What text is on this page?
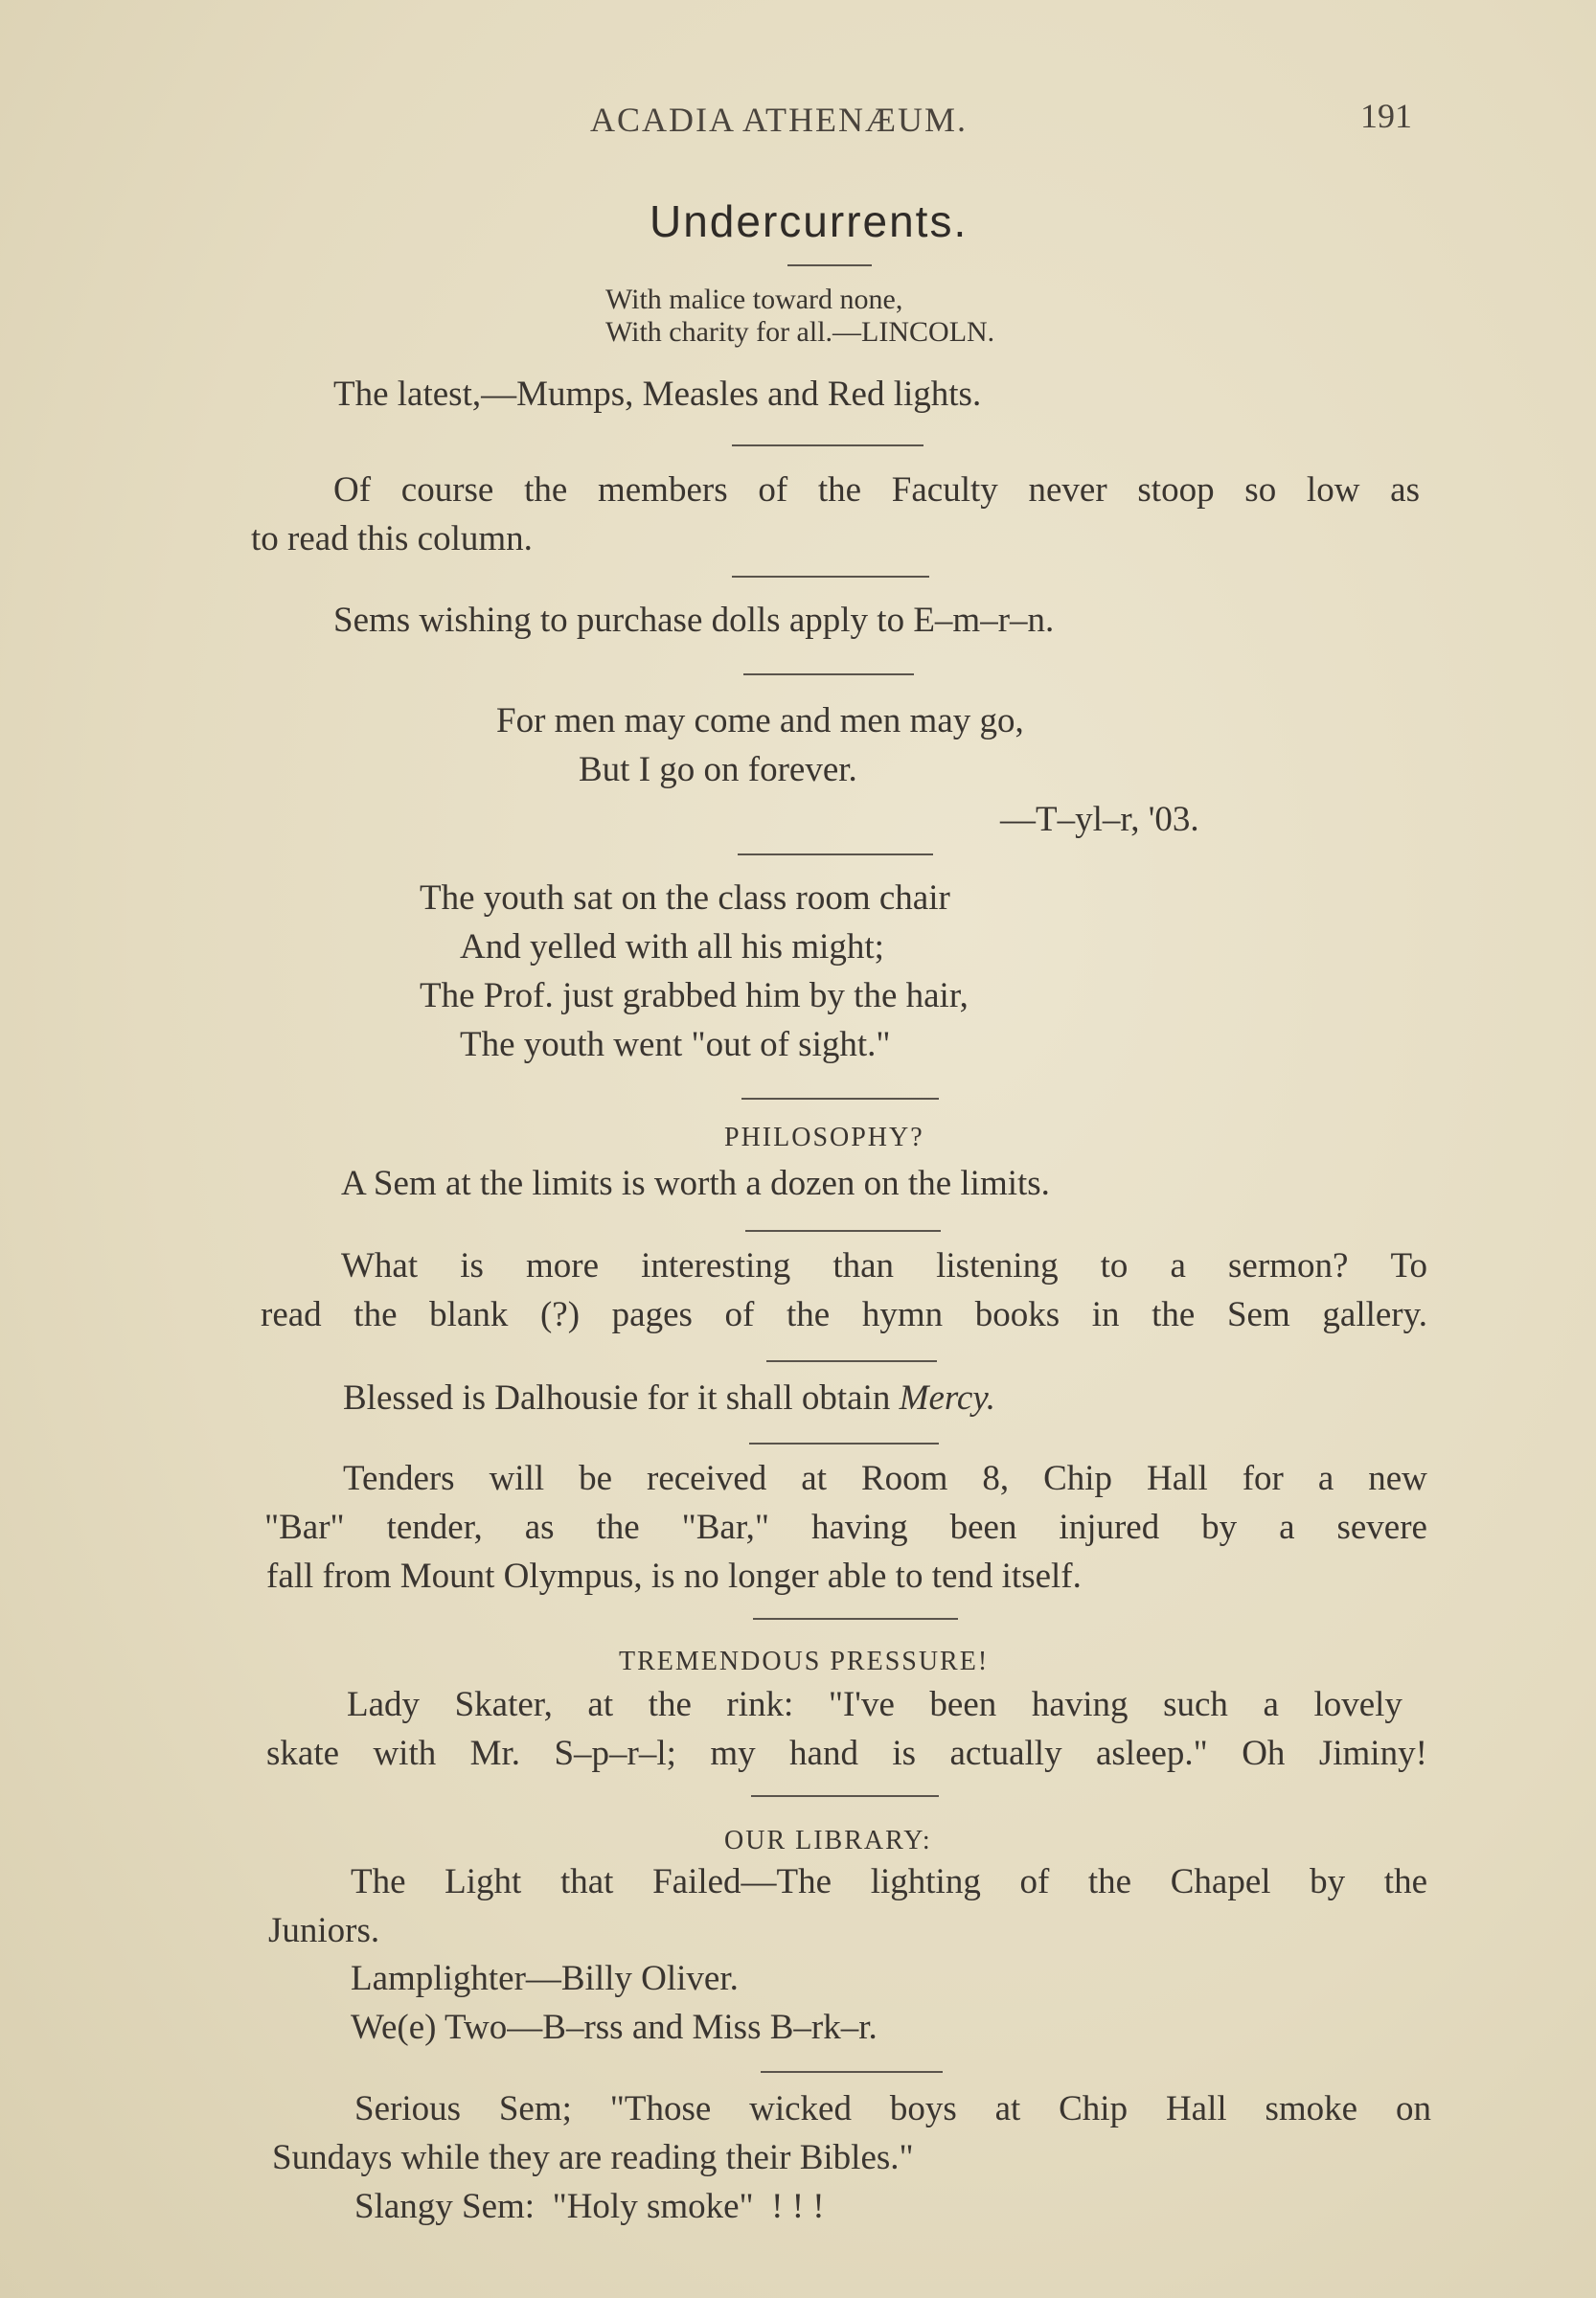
ACADIA ATHENÆUM.	191
Undercurrents.
With malice toward none,
With charity for all.—LINCOLN.
The latest,—Mumps, Measles and Red lights.
Of course the members of the Faculty never stoop so low as
to read this column.
Sems wishing to purchase dolls apply to E–m–r–n.
For men may come and men may go,
But I go on forever.
—T–yl–r, '03.
The youth sat on the class room chair
And yelled with all his might;
The Prof. just grabbed him by the hair,
The youth went "out of sight."
PHILOSOPHY?
A Sem at the limits is worth a dozen on the limits.
What is more interesting than listening to a sermon? To
read the blank (?) pages of the hymn books in the Sem gallery.
Blessed is Dalhousie for it shall obtain Mercy.
Tenders will be received at Room 8, Chip Hall for a new
"Bar" tender, as the "Bar," having been injured by a severe
fall from Mount Olympus, is no longer able to tend itself.
TREMENDOUS PRESSURE!
Lady Skater, at the rink: "I've been having such a lovely
skate with Mr. S–p–r–l; my hand is actually asleep." Oh Jiminy!
OUR LIBRARY:
The Light that Failed—The lighting of the Chapel by the
Juniors.
Lamplighter—Billy Oliver.
We(e) Two—B–rss and Miss B–rk–r.
Serious Sem; "Those wicked boys at Chip Hall smoke on
Sundays while they are reading their Bibles."
Slangy Sem:  "Holy smoke"  ! ! !
